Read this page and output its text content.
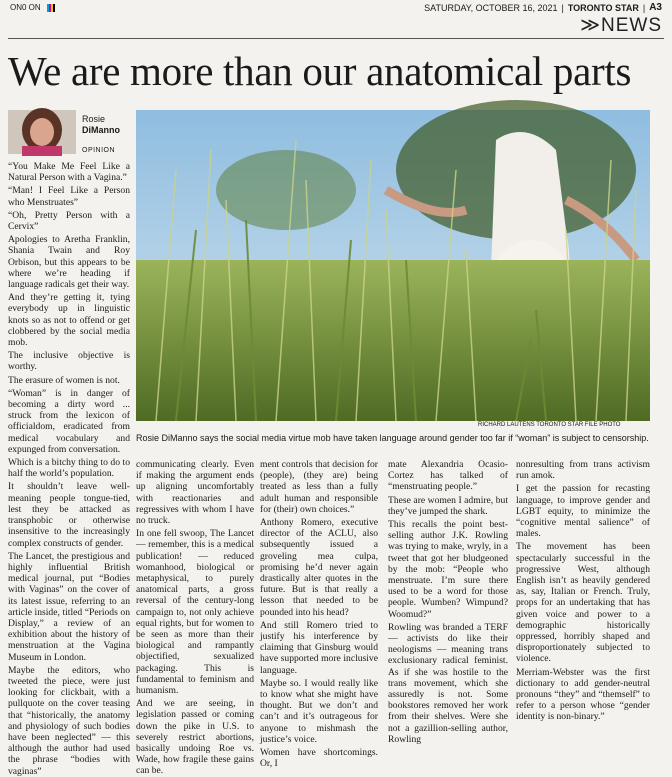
ON0 ON	SATURDAY, OCTOBER 16, 2021 | TORONTO STAR | A3
≫NEWS
We are more than our anatomical parts
Rosie
DiManno
OPINION
RICHARD LAUTENS TORONTO STAR FILE PHOTO
Rosie DiManno says the social media virtue mob have taken language around gender too far if “woman” is subject to censorship.

“You Make Me Feel Like a Natural Person with a Vagina.”

“Man! I Feel Like a Person who Menstruates”

“Oh, Pretty Person with a Cervix”

Apologies to Aretha Franklin, Shania Twain and Roy Orbison, but this appears to be where we’re heading if language radicals get their way.

And they’re getting it, tying everybody up in linguistic knots so as not to offend or get clobbered by the social media mob.

The inclusive objective is worthy.

The erasure of women is not.

“Woman” is in danger of becoming a dirty word ... struck from the lexicon of officialdom, eradicated from medical vocabulary and expunged from conversation.

Which is a bitchy thing to do to half the world’s population.

It shouldn’t leave well-meaning people tongue-tied, lest they be attacked as transphobic or otherwise insensitive to the increasingly complex constructs of gender.

The Lancet, the prestigious and highly influential British medical journal, put “Bodies with Vaginas” on the cover of its latest issue, referring to an article inside, titled “Periods on Display,” a review of an exhibition about the history of menstruation at the Vagina Museum in London.

Maybe the editors, who tweeted the piece, were just looking for clickbait, with a pullquote on the cover teasing that “historically, the anatomy and physiology of such bodies have been neglected” — this although the author had used the phrase “bodies with vaginas”

communicating clearly. Even if making the argument ends up aligning uncomfortably with reactionaries and regressives with whom I have no truck.

In one fell swoop, The Lancet — remember, this is a medical publication! — reduced womanhood, biological or metaphysical, to purely anatomical parts, a gross reversal of the century-long campaign to, not only achieve equal rights, but for women to be seen as more than their biological and rampantly objectified, sexualized packaging. This is fundamental to feminism and humanism.

And we are seeing, in legislation passed or coming down the pike in U.S. to severely restrict abortions, basically undoing Roe vs. Wade, how fragile these gains can be.

ment controls that decision for (people), (they are) being treated as less than a fully adult human and responsible for (their) own choices.”

Anthony Romero, executive director of the ACLU, also subsequently issued a groveling mea culpa, promising he’d never again drastically alter quotes in the future. But is that really a lesson that needed to be pounded into his head?

And still Romero tried to justify his interference by claiming that Ginsburg would have supported more inclusive language.

Maybe so. I would really like to know what she might have thought. But we don’t and can’t and it’s outrageous for anyone to mishmash the justice’s voice.

Women have shortcomings. Or, I

mate Alexandria Ocasio-Cortez has talked of “menstruating people.”

These are women I admire, but they’ve jumped the shark.

This recalls the point best-selling author J.K. Rowling was trying to make, wryly, in a tweet that got her bludgeoned by the mob: “People who menstruate. I’m sure there used to be a word for those people. Wumben? Wimpund? Woomud?”

Rowling was branded a TERF — activists do like their neologisms — meaning trans exclusionary radical feminist. As if she was hostile to the trans movement, which she assuredly is not. Some bookstores removed her work from their shelves. Were she not a gazillion-selling author, Rowling

nonresulting from trans activism run amok.

I get the passion for recasting language, to improve gender and LGBT equity, to minimize the “cognitive mental salience” of males.

The movement has been spectacularly successful in the progressive West, although English isn’t as heavily gendered as, say, Italian or French. Truly, props for an undertaking that has given voice and power to a demographic historically oppressed, horribly shaped and disproportionately subjected to violence.

Merriam-Webster was the first dictionary to add gender-neutral pronouns “they” and “themself” to refer to a person whose “gender identity is non-binary.”
